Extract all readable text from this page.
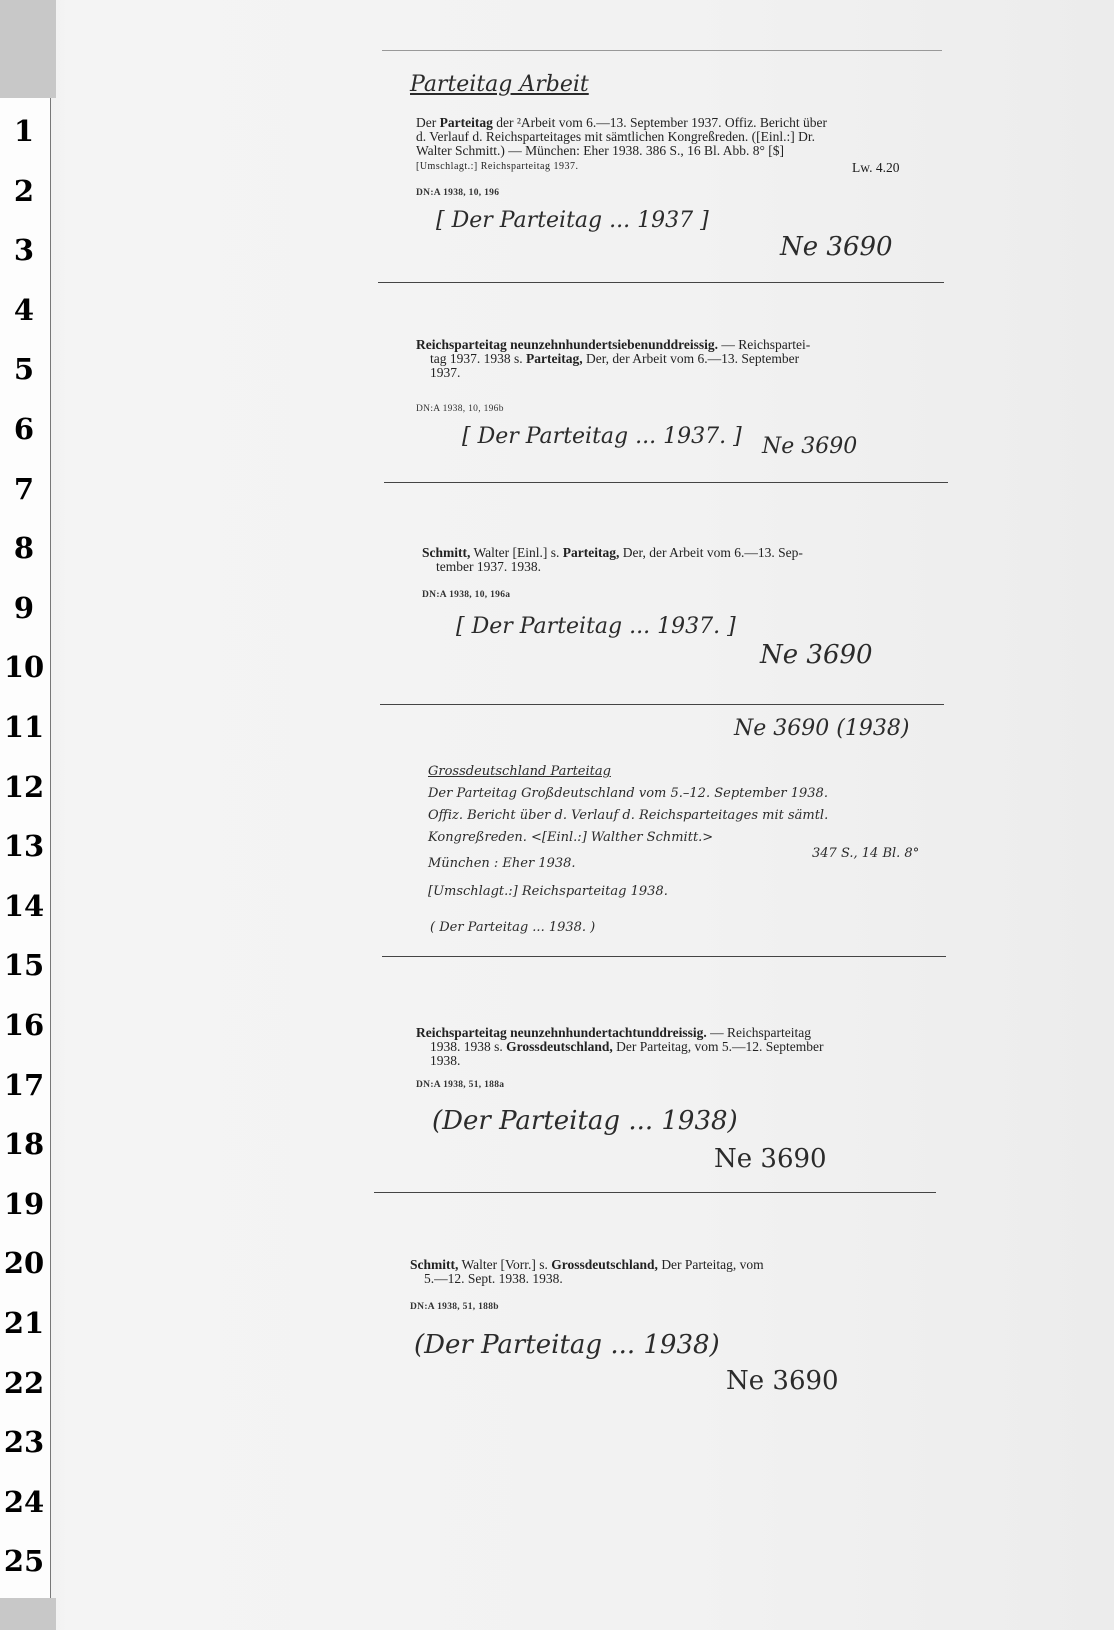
1
2
3
4
5
6
7
8
9
10
11
12
13
14
15
16
17
18
19
20
21
22
23
24
25
Parteitag Arbeit
Der Parteitag der ²Arbeit vom 6.—13. September 1937. Offiz. Bericht über
d. Verlauf d. Reichsparteitages mit sämtlichen Kongreßreden. ([Einl.:] Dr.
Walter Schmitt.) — München: Eher 1938. 386 S., 16 Bl. Abb. 8° [$]
[Umschlagt.:] Reichsparteitag 1937.	Lw. 4.20
DN:A 1938, 10, 196
[ Der Parteitag ... 1937 ]
Ne 3690
Reichsparteitag neunzehnhundertsiebenunddreissig. — Reichspartei-
tag 1937. 1938 s. Parteitag, Der, der Arbeit vom 6.—13. September
1937.
DN:A 1938, 10, 196b
[ Der Parteitag ... 1937. ] Ne 3690
Schmitt, Walter [Einl.] s. Parteitag, Der, der Arbeit vom 6.—13. Sep-
tember 1937. 1938.
DN:A 1938, 10, 196a
[ Der Parteitag ... 1937. ]
Ne 3690
Ne 3690 (1938)
Grossdeutschland Parteitag
Der Parteitag Großdeutschland vom 5.–12. September 1938.
Offiz. Bericht über d. Verlauf d. Reichsparteitages mit sämtl.
Kongreßreden. <[Einl.:] Walther Schmitt.>
München : Eher 1938.
347 S., 14 Bl. 8°
[Umschlagt.:] Reichsparteitag 1938.
( Der Parteitag ... 1938. )
Reichsparteitag neunzehnhundertachtunddreissig. — Reichsparteitag
1938. 1938 s. Grossdeutschland, Der Parteitag, vom 5.—12. September
1938.
DN:A 1938, 51, 188a
(Der Parteitag ... 1938)
Ne 3690
Schmitt, Walter [Vorr.] s. Grossdeutschland, Der Parteitag, vom
5.—12. Sept. 1938. 1938.
DN:A 1938, 51, 188b
(Der Parteitag ... 1938)
Ne 3690
